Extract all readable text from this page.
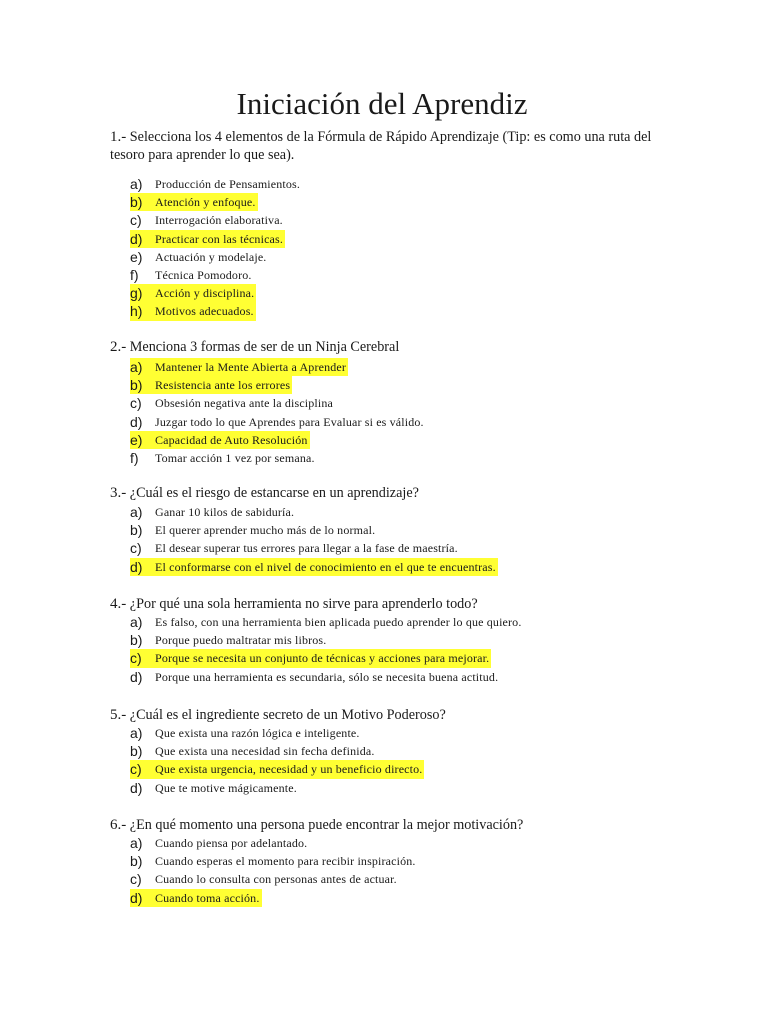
Iniciación del Aprendiz

1.- Selecciona los 4 elementos de la Fórmula de Rápido Aprendizaje (Tip: es como una ruta del tesoro para aprender lo que sea).

a) Producción de Pensamientos.
b)	Atención y enfoque.
c) Interrogación elaborativa.
d)	Practicar con las técnicas.
e) Actuación y modelaje.
f) Técnica Pomodoro.
g)	Acción y disciplina.
h)	Motivos adecuados.

2.- Menciona 3 formas de ser de un Ninja Cerebral

a)	Mantener la Mente Abierta a Aprender
b)	Resistencia ante los errores
c) Obsesión negativa ante la disciplina
d) Juzgar todo lo que Aprendes para Evaluar si es válido.
e)	Capacidad de Auto Resolución
f) Tomar acción 1 vez por semana.

3.- ¿Cuál es el riesgo de estancarse en un aprendizaje?

a) Ganar 10 kilos de sabiduría.
b) El querer aprender mucho más de lo normal.
c) El desear superar tus errores para llegar a la fase de maestría.
d)	El conformarse con el nivel de conocimiento en el que te encuentras.

4.- ¿Por qué una sola herramienta no sirve para aprenderlo todo?

a) Es falso, con una herramienta bien aplicada puedo aprender lo que quiero.
b) Porque puedo maltratar mis libros.
c)	Porque se necesita un conjunto de técnicas y acciones para mejorar.
d) Porque una herramienta es secundaria, sólo se necesita buena actitud.

5.- ¿Cuál es el ingrediente secreto de un Motivo Poderoso?

a) Que exista una razón lógica e inteligente.
b) Que exista una necesidad sin fecha definida.
c)	Que exista urgencia, necesidad y un beneficio directo.
d) Que te motive mágicamente.

6.- ¿En qué momento una persona puede encontrar la mejor motivación?

a) Cuando piensa por adelantado.
b) Cuando esperas el momento para recibir inspiración.
c) Cuando lo consulta con personas antes de actuar.
d)	Cuando toma acción.
